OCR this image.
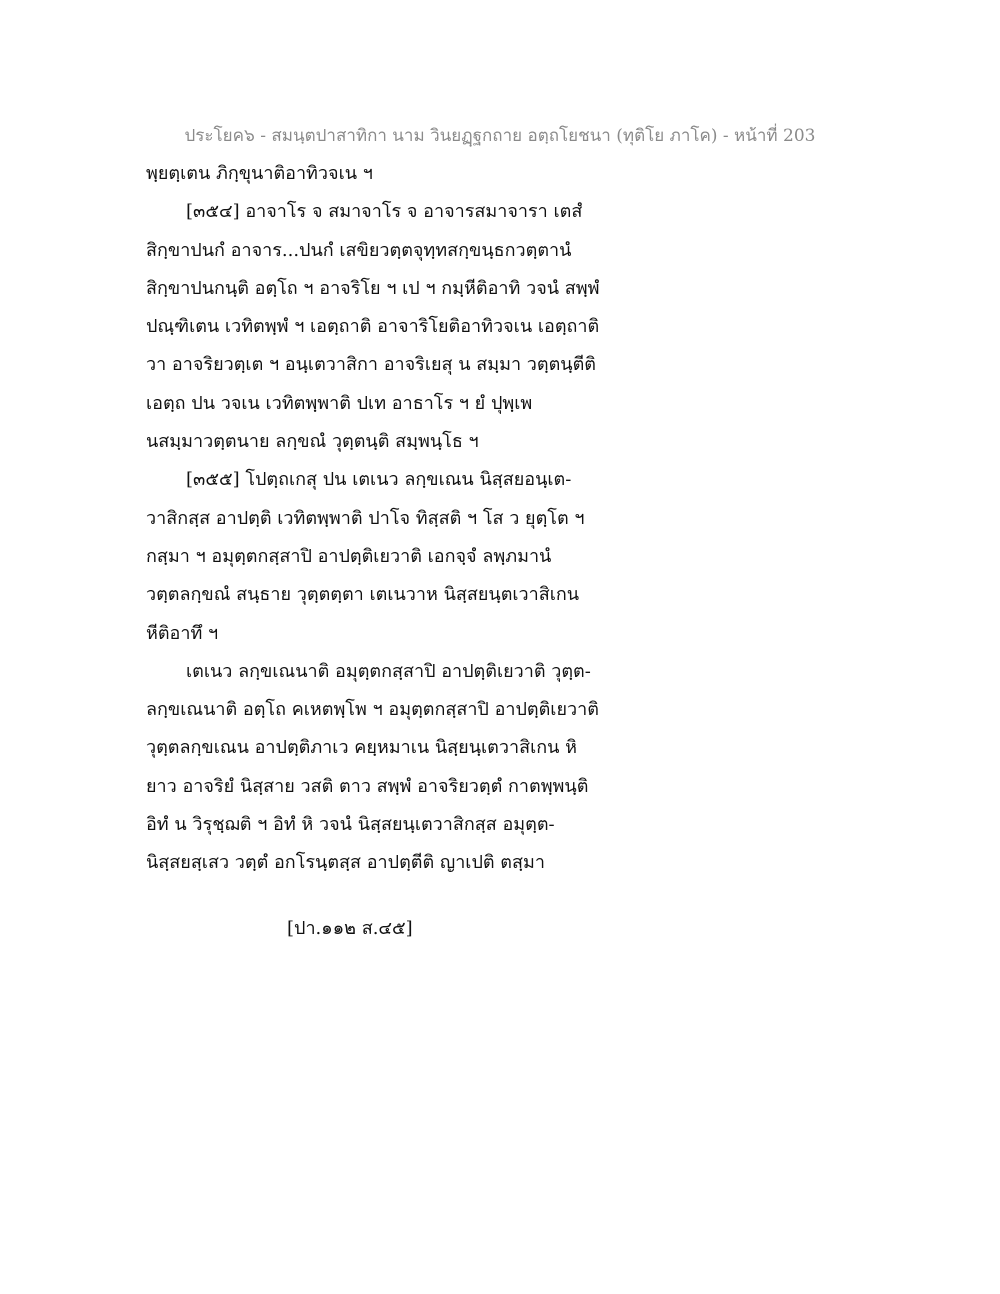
ประโยค๖ - สมนฺตปาสาทิกา นาม วินยฏฺฐกถาย อตฺถโยชนา (ทุติโย ภาโค) - หน้าที่ 203
พฺยตฺเตน ภิกฺขุนาติอาทิวจเน ฯ
[๓๕๔] อาจาโร จ สมาจาโร จ อาจารสมาจารา เตสํ
สิกฺขาปนกํ อาจาร...ปนกํ เสขิยวตฺตจุทฺทสกฺขนฺธกวตฺตานํ
สิกฺขาปนกนฺติ อตฺโถ ฯ อาจริโย ฯ เป ฯ กมฺหีติอาทิ วจนํ สพฺพํ
ปณฺฑิเตน เวทิตพฺพํ ฯ เอตฺถาติ อาจาริโยติอาทิวจเน เอตฺถาติ
วา อาจริยวตฺเต ฯ อนฺเตวาสิกา อาจริเยสุ น สมฺมา วตฺตนฺตีติ
เอตฺถ ปน วจเน เวทิตพฺพาติ ปเท อาธาโร ฯ ยํ ปุพฺเพ
นสมฺมาวตฺตนาย ลกฺขณํ วุตฺตนฺติ สมฺพนฺโธ ฯ
[๓๕๕] โปตฺถเกสุ ปน เตเนว ลกฺขเณน นิสฺสยอนฺเต-
วาสิกสฺส อาปตฺติ เวทิตพฺพาติ ปาโจ ทิสฺสติ ฯ โส ว ยุตฺโต ฯ
กสฺมา ฯ อมุตฺตกสฺสาปิ อาปตฺติเยวาติ เอกจฺจํ ลพฺภมานํ
วตฺตลกฺขณํ สนฺธาย วุตฺตตฺตา เตเนวาห นิสฺสยนฺตเวาสิเกน
หีติอาทึ ฯ
เตเนว ลกฺขเณนาติ อมุตฺตกสฺสาปิ อาปตฺติเยวาติ วุตฺต-
ลกฺขเณนาติ อตฺโถ คเหตพฺโพ ฯ อมุตฺตกสฺสาปิ อาปตฺติเยวาติ
วุตฺตลกฺขเณน อาปตฺติภาเว คยฺหมาเน นิสฺยนฺเตวาสิเกน หิ
ยาว อาจริยํ นิสฺสาย วสติ ตาว สพฺพํ อาจริยวตฺตํ กาตพฺพนฺติ
อิทํ น วิรุชฺฌติ ฯ อิทํ หิ วจนํ นิสฺสยนฺเตวาสิกสฺส อมุตฺต-
นิสฺสยสฺเสว วตฺตํ อกโรนฺตสฺส อาปตฺตีติ ญาเปติ ตสฺมา
[ปา.๑๑๒ ส.๔๕]
